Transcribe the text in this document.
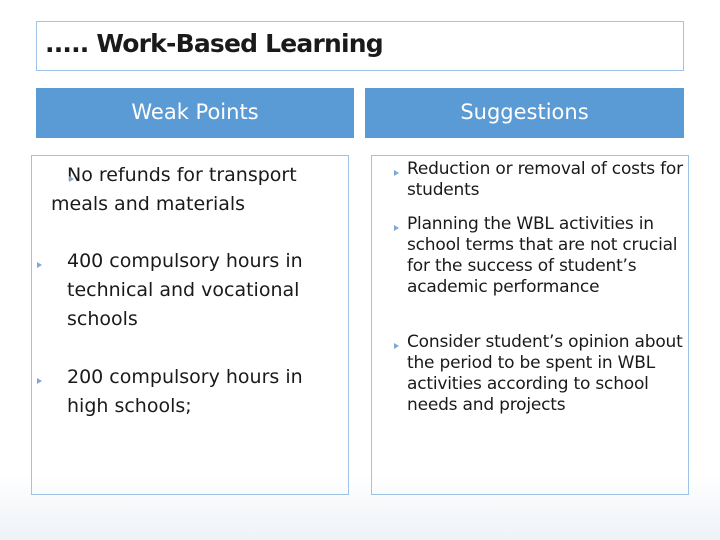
..... Work-Based Learning
Weak Points	Suggestions
No refunds for transport
meals and materials
400 compulsory hours in technical and vocational schools
200 compulsory hours in high schools;
Reduction or removal of costs for students
Planning the WBL activities in school terms that are not crucial for the success of student’s academic performance
Consider student’s opinion about the period to be spent in WBL activities according to school needs and projects
